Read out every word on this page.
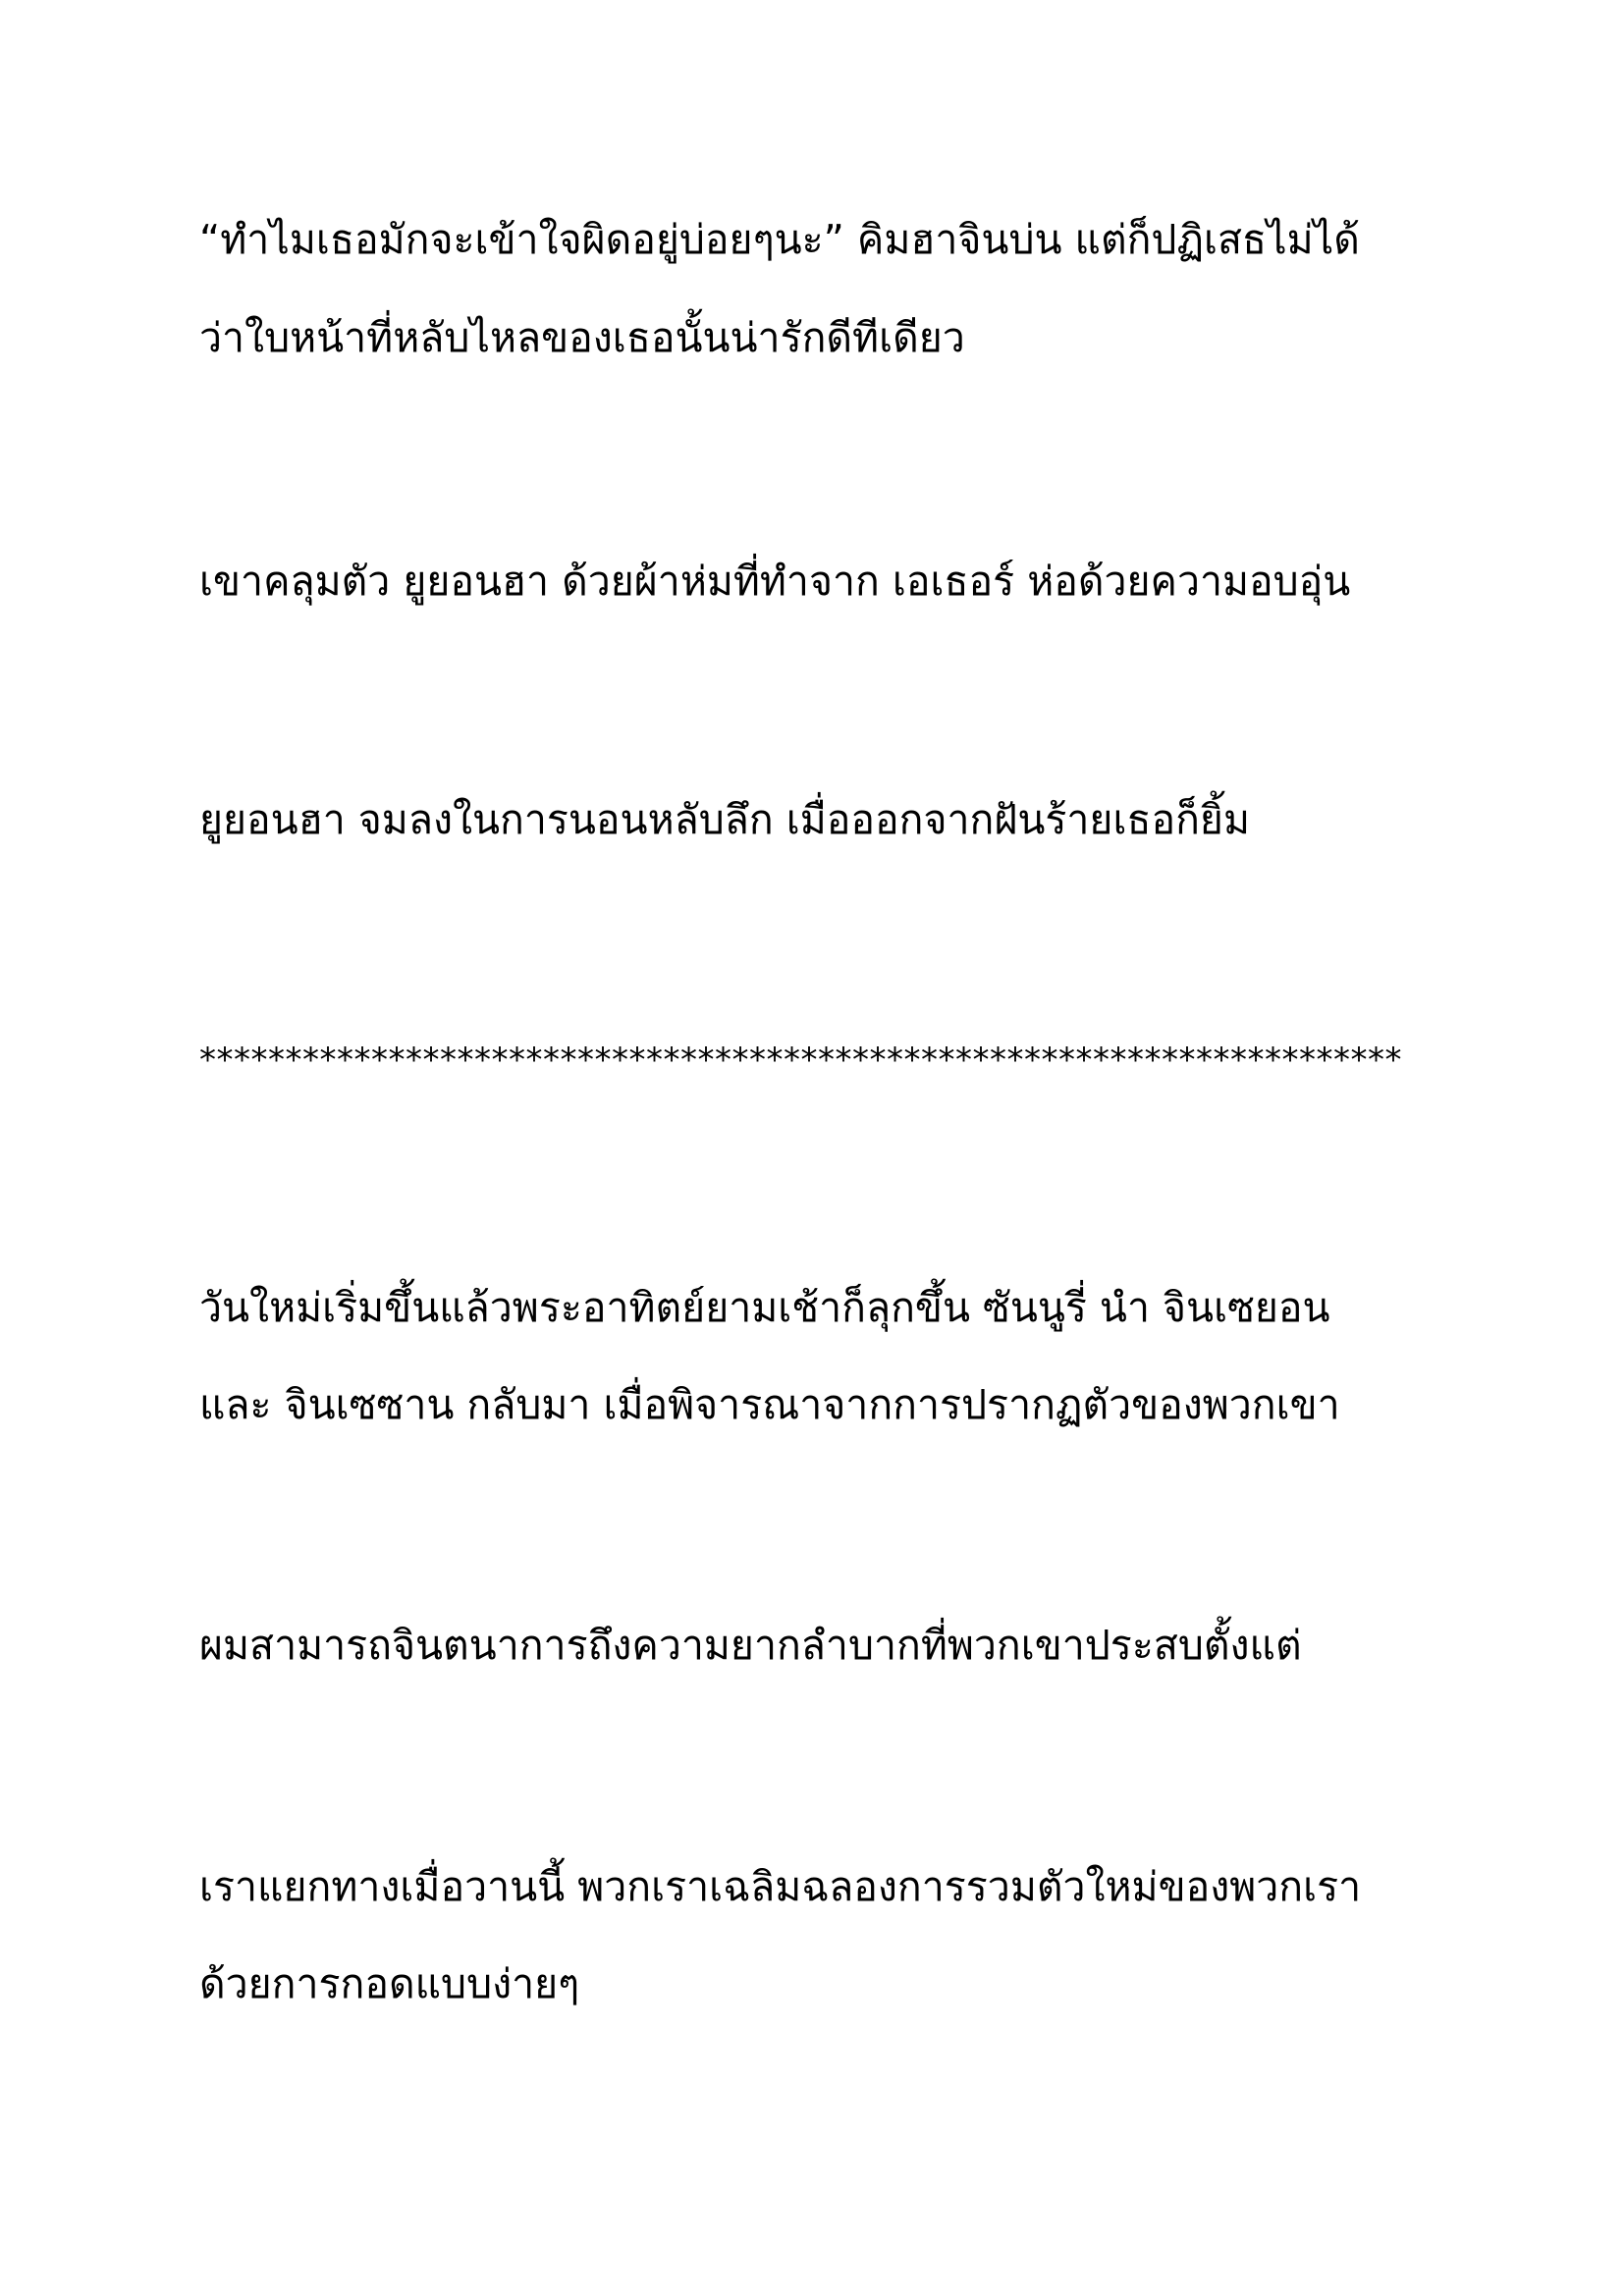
“ทำไมเธอมักจะเข้าใจผิดอยู่บ่อยๆนะ” คิมฮาจินบ่น แต่ก็ปฏิเสธไม่ได้

ว่าใบหน้าที่หลับไหลของเธอนั้นน่ารักดีทีเดียว

เขาคลุมตัว ยูยอนฮา ด้วยผ้าห่มที่ทำจาก เอเธอร์ ห่อด้วยความอบอุ่น

ยูยอนฮา จมลงในการนอนหลับลึก เมื่อออกจากฝันร้ายเธอก็ยิ้ม

**********************************************************************

วันใหม่เริ่มขึ้นแล้วพระอาทิตย์ยามเช้าก็ลุกขึ้น ซันนูรี่ นำ จินเซยอน

และ จินเซซาน กลับมา เมื่อพิจารณาจากการปรากฏตัวของพวกเขา

ผมสามารถจินตนาการถึงความยากลำบากที่พวกเขาประสบตั้งแต่

เราแยกทางเมื่อวานนี้ พวกเราเฉลิมฉลองการรวมตัวใหม่ของพวกเรา

ด้วยการกอดแบบง่ายๆ
